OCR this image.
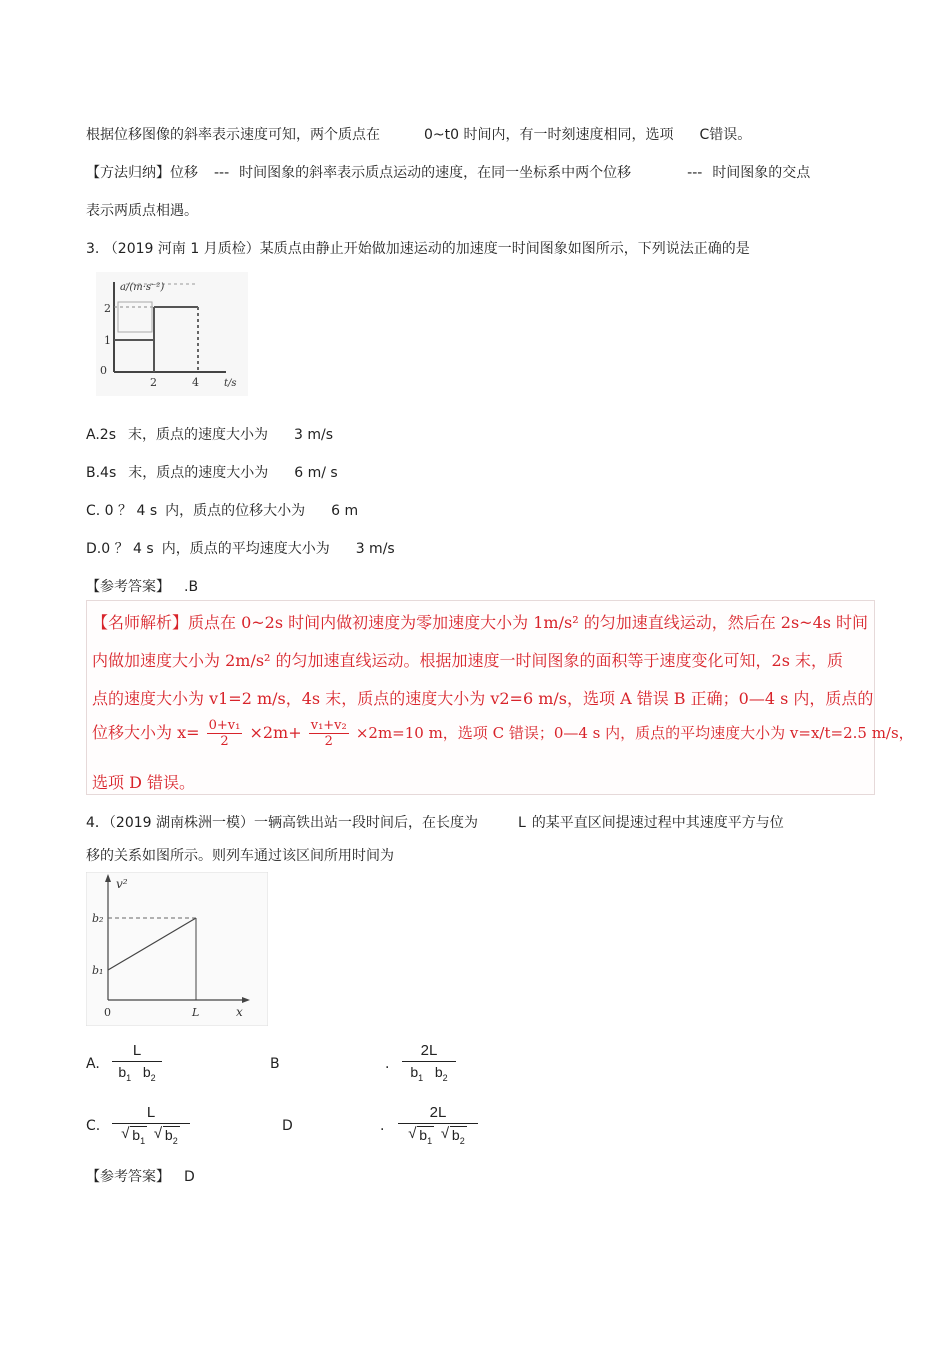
根据位移图像的斜率表示速度可知，两个质点在	0~t0 时间内，有一时刻速度相同，选项 C错误。
【方法归纳】位移 --- 时间图象的斜率表示质点运动的速度，在同一坐标系中两个位移	--- 时间图象的交点
表示两质点相遇。
3. （2019 河南 1 月质检）某质点由静止开始做加速运动的加速度一时间图象如图所示，下列说法正确的是
a/(m·s⁻²)
2
1
0
2	4	t/s
A.2s 末，质点的速度大小为 3 m/s
B.4s 末，质点的速度大小为 6 m/ s
C. 0 ？ 4 s 内，质点的位移大小为 6 m
D.0 ？ 4 s 内，质点的平均速度大小为 3 m/s
【参考答案】 .B
【名师解析】质点在 0~2s 时间内做初速度为零加速度大小为 1m/s² 的匀加速直线运动，然后在 2s~4s 时间
内做加速度大小为 2m/s² 的匀加速直线运动。根据加速度一时间图象的面积等于速度变化可知，2s 末，质
点的速度大小为 v1=2 m/s，4s 末，质点的速度大小为 v2=6 m/s，选项 A 错误 B 正确；0—4 s 内，质点的
位移大小为 $x= \frac{\text{0+v₁}}{2} \times 2m+ \frac{\text{v₁+v₂}}{2} \times 2m=10$ m，选项 C 错误；0—4 s 内，质点的平均速度大小为 v=x/t=2.5 m/s，
选项 D 错误。
4．（2019 湖南株洲一模）一辆高铁出站一段时间后，在长度为	L 的某平直区间提速过程中其速度平方与位
移的关系如图所示。则列车通过该区间所用时间为
v²
b₂
b₁
0	L	x
A. $\frac{L}{b_1 b_2}$	B	. $\frac{2L}{b_1 b_2}$
C. L
√ $b_1$ √ $b_2$	D	. 2L
√ $b_1$ √ $b_2$
【参考答案】 D
